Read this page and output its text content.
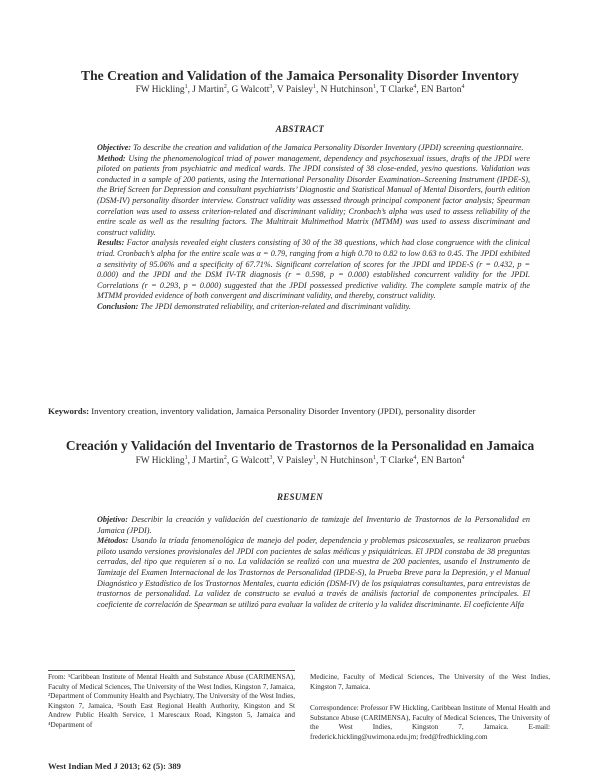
The Creation and Validation of the Jamaica Personality Disorder Inventory
FW Hickling$^1$, J Martin$^2$, G Walcott$^3$, V Paisley$^1$, N Hutchinson$^1$, T Clarke$^4$, EN Barton$^4$
ABSTRACT

Objective: To describe the creation and validation of the Jamaica Personality Disorder Inventory (JPDI) screening questionnaire.

Method: Using the phenomenological triad of power management, dependency and psychosexual issues, drafts of the JPDI were piloted on patients from psychiatric and medical wards. The JPDI consisted of 38 close-ended, yes/no questions. Validation was conducted in a sample of 200 patients, using the International Personality Disorder Examination–Screening Instrument (IPDE-S), the Brief Screen for Depression and consultant psychiatrists’ Diagnostic and Statistical Manual of Mental Disorders, fourth edition (DSM-IV) personality disorder interview. Construct validity was assessed through principal component factor analysis; Spearman correlation was used to assess criterion-related and discriminant validity; Cronbach’s alpha was used to assess reliability of the entire scale as well as the resulting factors. The Multitrait Multimethod Matrix (MTMM) was used to assess discriminant and construct validity.

Results: Factor analysis revealed eight clusters consisting of 30 of the 38 questions, which had close congruence with the clinical triad. Cronbach’s alpha for the entire scale was α = 0.79, ranging from a high 0.70 to 0.82 to low 0.63 to 0.45. The JPDI exhibited a sensitivity of 95.06% and a specificity of 67.71%. Significant correlation of scores for the JPDI and IPDE-S (r = 0.432, p = 0.000) and the JPDI and the DSM IV-TR diagnosis (r = 0.598, p = 0.000) established concurrent validity for the JPDI. Correlations (r = 0.293, p = 0.000) suggested that the JPDI possessed predictive validity. The complete sample matrix of the MTMM provided evidence of both convergent and discriminant validity, and thereby, construct validity.

Conclusion: The JPDI demonstrated reliability, and criterion-related and discriminant validity.

Keywords: Inventory creation, inventory validation, Jamaica Personality Disorder Inventory (JPDI), personality disorder
Creación y Validación del Inventario de Trastornos de la Personalidad en Jamaica
FW Hickling$^1$, J Martin$^2$, G Walcott$^3$, V Paisley$^1$, N Hutchinson$^1$, T Clarke$^4$, EN Barton$^4$
RESUMEN

Objetivo: Describir la creación y validación del cuestionario de tamizaje del Inventario de Trastornos de la Personalidad en Jamaica (JPDI).

Métodos: Usando la tríada fenomenológica de manejo del poder, dependencia y problemas psicosexuales, se realizaron pruebas piloto usando versiones provisionales del JPDI con pacientes de salas médicas y psiquiátricas. El JPDI constaba de 38 preguntas cerradas, del tipo que requieren sí o no. La validación se realizó con una muestra de 200 pacientes, usando el Instrumento de Tamizaje del Examen Internacional de los Trastornos de Personalidad (IPDE-S), la Prueba Breve para la Depresión, y el Manual Diagnóstico y Estadístico de los Trastornos Mentales, cuarta edición (DSM-IV) de los psiquiatras consultantes, para entrevistas de trastornos de personalidad. La validez de constructo se evaluó a través de análisis factorial de componentes principales. El coeficiente de correlación de Spearman se utilizó para evaluar la validez de criterio y la validez discriminante. El coeficiente Alfa

From: ¹Caribbean Institute of Mental Health and Substance Abuse (CARIMENSA), Faculty of Medical Sciences, The University of the West Indies, Kingston 7, Jamaica, ²Department of Community Health and Psychiatry, The University of the West Indies, Kingston 7, Jamaica, ³South East Regional Health Authority, Kingston and St Andrew Public Health Service, 1 Marescaux Road, Kingston 5, Jamaica and ⁴Department of
Medicine, Faculty of Medical Sciences, The University of the West Indies, Kingston 7, Jamaica.
Correspondence: Professor FW Hickling, Caribbean Institute of Mental Health and Substance Abuse (CARIMENSA), Faculty of Medical Sciences, The University of the West Indies, Kingston 7, Jamaica. E-mail: frederick.hickling@uwimona.edu.jm; fred@fredhickling.com
West Indian Med J 2013; 62 (5): 389
